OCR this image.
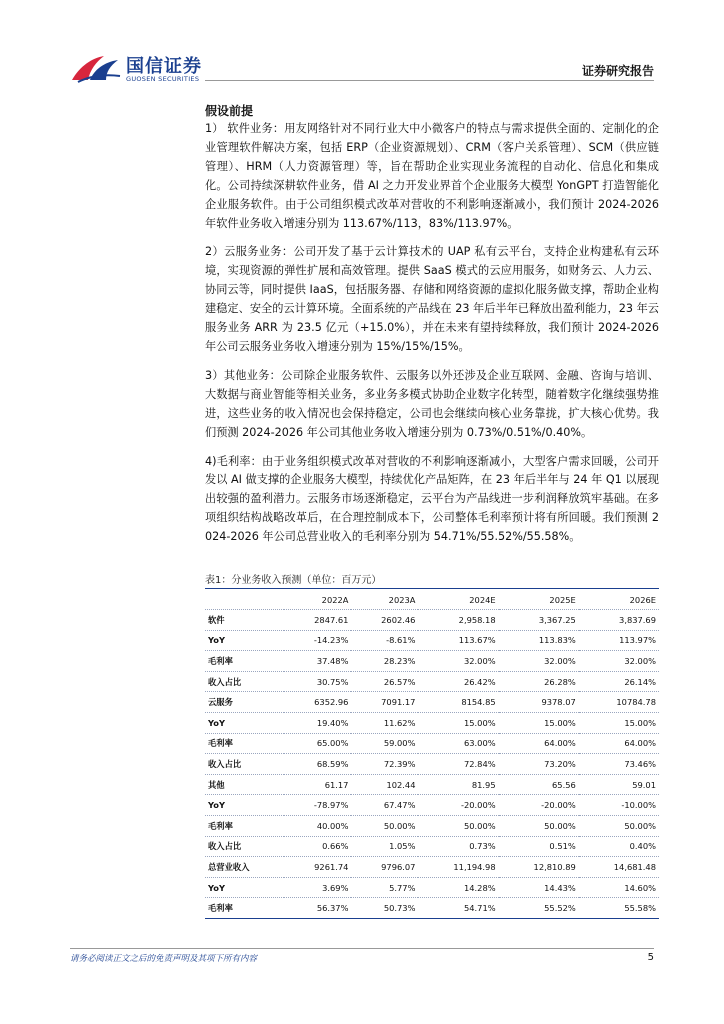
国信证券
GUOSEN SECURITIES
证券研究报告
假设前提

1） 软件业务：用友网络针对不同行业大中小微客户的特点与需求提供全面的、定制化的企业管理软件解决方案，包括 ERP（企业资源规划）、CRM（客户关系管理）、SCM（供应链管理）、HRM（人力资源管理）等，旨在帮助企业实现业务流程的自动化、信息化和集成化。公司持续深耕软件业务，借 AI 之力开发业界首个企业服务大模型 YonGPT 打造智能化企业服务软件。由于公司组织模式改革对营收的不利影响逐渐减小，我们预计 2024-2026 年软件业务收入增速分别为 113.67%/113，83%/113.97%。

2）云服务业务：公司开发了基于云计算技术的 UAP 私有云平台，支持企业构建私有云环境，实现资源的弹性扩展和高效管理。提供 SaaS 模式的云应用服务，如财务云、人力云、协同云等，同时提供 IaaS，包括服务器、存储和网络资源的虚拟化服务做支撑，帮助企业构建稳定、安全的云计算环境。全面系统的产品线在 23 年后半年已释放出盈利能力，23 年云服务业务 ARR 为 23.5 亿元（+15.0%），并在未来有望持续释放，我们预计 2024-2026 年公司云服务业务收入增速分别为 15%/15%/15%。

3）其他业务：公司除企业服务软件、云服务以外还涉及企业互联网、金融、咨询与培训、大数据与商业智能等相关业务，多业务多模式协助企业数字化转型，随着数字化继续强势推进，这些业务的收入情况也会保持稳定，公司也会继续向核心业务靠拢，扩大核心优势。我们预测 2024-2026 年公司其他业务收入增速分别为 0.73%/0.51%/0.40%。

4)毛利率：由于业务组织模式改革对营收的不利影响逐渐减小，大型客户需求回暖，公司开发以 AI 做支撑的企业服务大模型，持续优化产品矩阵，在 23 年后半年与 24 年 Q1 以展现出较强的盈利潜力。云服务市场逐渐稳定，云平台为产品线进一步利润释放筑牢基础。在多项组织结构战略改革后，在合理控制成本下，公司整体毛利率预计将有所回暖。我们预测 2024-2026 年公司总营业收入的毛利率分别为 54.71%/55.52%/55.58%。

表1：分业务收入预测（单位：百万元）
	2022A	2023A	2024E	2025E	2026E
软件	2847.61	2602.46	2,958.18	3,367.25	3,837.69
YoY	-14.23%	-8.61%	113.67%	113.83%	113.97%
毛利率	37.48%	28.23%	32.00%	32.00%	32.00%
收入占比	30.75%	26.57%	26.42%	26.28%	26.14%
云服务	6352.96	7091.17	8154.85	9378.07	10784.78
YoY	19.40%	11.62%	15.00%	15.00%	15.00%
毛利率	65.00%	59.00%	63.00%	64.00%	64.00%
收入占比	68.59%	72.39%	72.84%	73.20%	73.46%
其他	61.17	102.44	81.95	65.56	59.01
YoY	-78.97%	67.47%	-20.00%	-20.00%	-10.00%
毛利率	40.00%	50.00%	50.00%	50.00%	50.00%
收入占比	0.66%	1.05%	0.73%	0.51%	0.40%
总营业收入	9261.74	9796.07	11,194.98	12,810.89	14,681.48
YoY	3.69%	5.77%	14.28%	14.43%	14.60%
毛利率	56.37%	50.73%	54.71%	55.52%	55.58%
请务必阅读正文之后的免责声明及其项下所有内容	5
